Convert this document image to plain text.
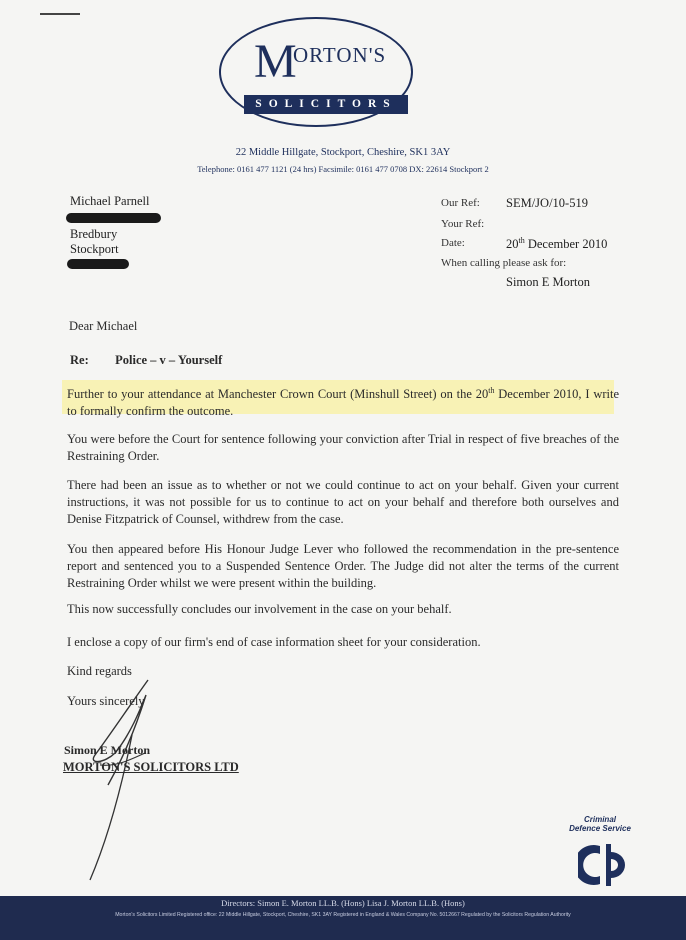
M
ORTON'S
SOLICITORS
22 Middle Hillgate, Stockport, Cheshire, SK1 3AY
Telephone: 0161 477 1121 (24 hrs) Facsimile: 0161 477 0708 DX: 22614 Stockport 2
Michael Parnell
Bredbury
Stockport
Our Ref: SEM/JO/10-519
Your Ref:
Date:	20th December 2010
When calling please ask for:
Simon E Morton
Dear Michael
Re: Police – v – Yourself
Further to your attendance at Manchester Crown Court (Minshull Street) on the 20th December 2010, I write to formally confirm the outcome.
You were before the Court for sentence following your conviction after Trial in respect of five breaches of the Restraining Order.
There had been an issue as to whether or not we could continue to act on your behalf. Given your current instructions, it was not possible for us to continue to act on your behalf and therefore both ourselves and Denise Fitzpatrick of Counsel, withdrew from the case.
You then appeared before His Honour Judge Lever who followed the recommendation in the pre-sentence report and sentenced you to a Suspended Sentence Order. The Judge did not alter the terms of the current Restraining Order whilst we were present within the building.
This now successfully concludes our involvement in the case on your behalf.
I enclose a copy of our firm's end of case information sheet for your consideration.
Kind regards
Yours sincerely
Simon E Morton
MORTON'S SOLICITORS LTD
Criminal
Defence Service
Directors: Simon E. Morton LL.B. (Hons) Lisa J. Morton LL.B. (Hons)
Morton's Solicitors Limited Registered office: 22 Middle Hillgate, Stockport, Cheshire, SK1 3AY Registered in England & Wales Company No. 5012667 Regulated by the Solicitors Regulation Authority
